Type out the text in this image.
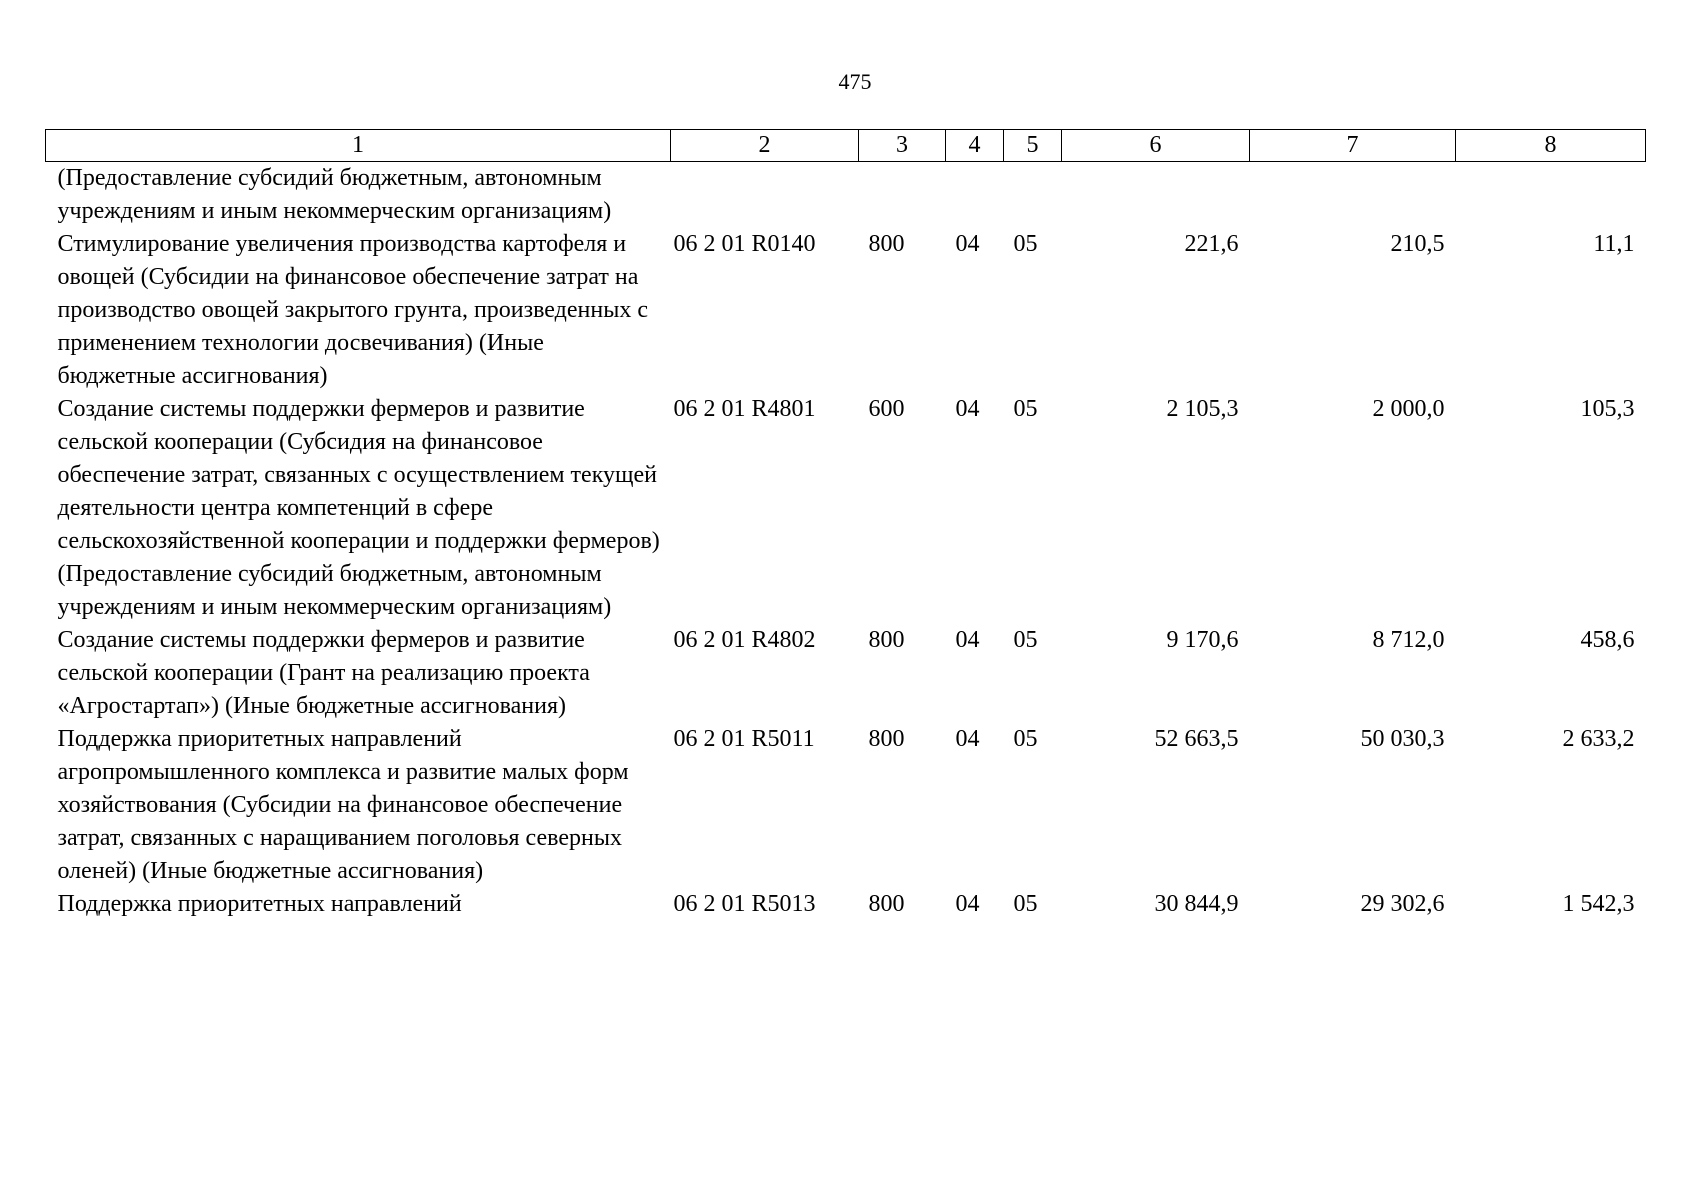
475
1	2	3	4	5	6	7	8

(Предоставление субсидий бюджетным, автономным учреждениям и иным некоммерческим организациям)							

Стимулирование увеличения производства картофеля и овощей (Субсидии на финансовое обеспечение затрат на производство овощей закрытого грунта, произведенных с применением технологии досвечивания) (Иные бюджетные ассигнования)	06 2 01 R0140	800	04	05	221,6	210,5	11,1

Создание системы поддержки фермеров и развитие сельской кооперации (Субсидия на финансовое обеспечение затрат, связанных с осуществлением текущей деятельности центра компетенций в сфере сельскохозяйственной кооперации и поддержки фермеров) (Предоставление субсидий бюджетным, автономным учреждениям и иным некоммерческим организациям)	06 2 01 R4801	600	04	05	2 105,3	2 000,0	105,3

Создание системы поддержки фермеров и развитие сельской кооперации (Грант на реализацию проекта «Агростартап») (Иные бюджетные ассигнования)	06 2 01 R4802	800	04	05	9 170,6	8 712,0	458,6

Поддержка приоритетных направлений агропромышленного комплекса и развитие малых форм хозяйствования (Субсидии на финансовое обеспечение затрат, связанных с наращиванием поголовья северных оленей) (Иные бюджетные ассигнования)	06 2 01 R5011	800	04	05	52 663,5	50 030,3	2 633,2

Поддержка приоритетных направлений	06 2 01 R5013	800	04	05	30 844,9	29 302,6	1 542,3
